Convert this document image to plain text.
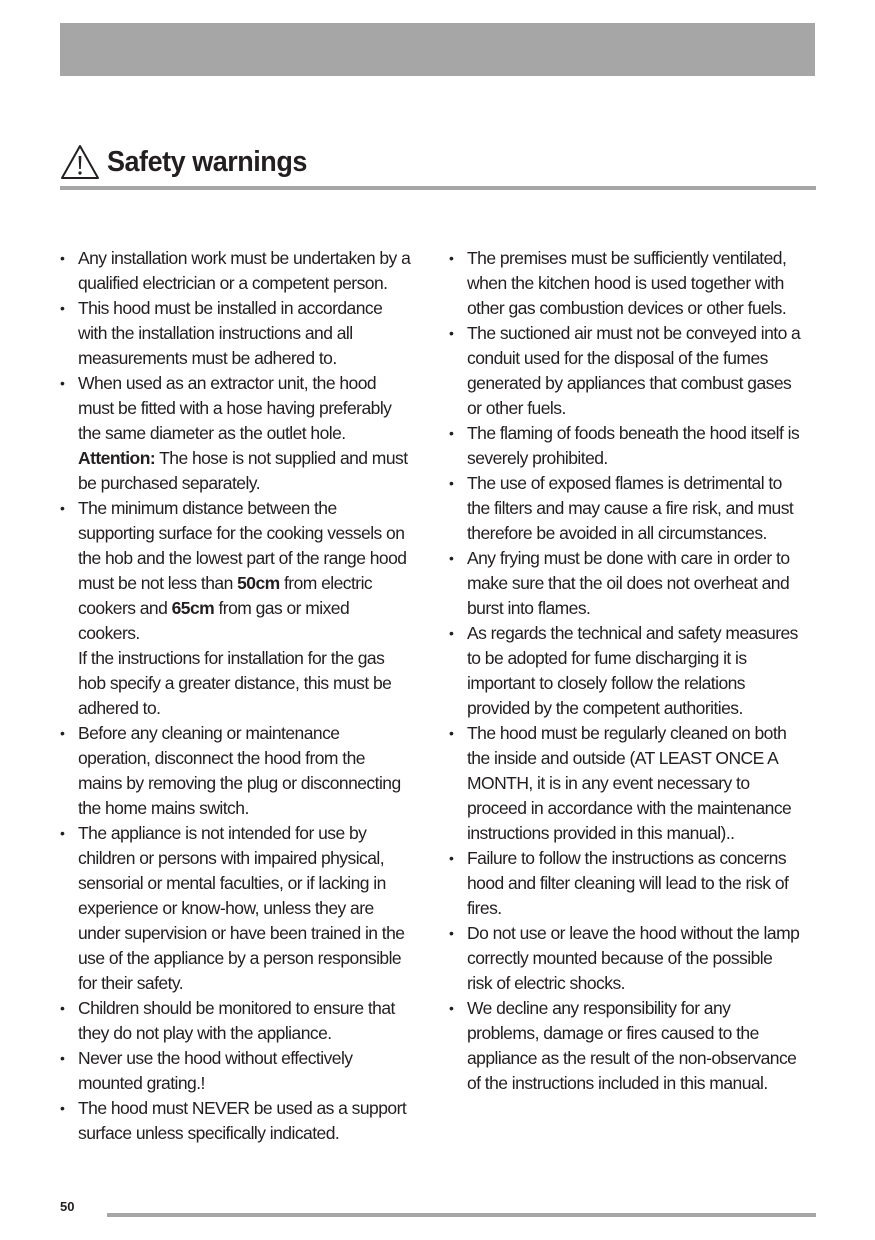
Safety warnings
• Any installation work must be undertaken by a
qualified electrician or a competent person.
• This hood must be installed in accordance
with the installation instructions and all
measurements must be adhered to.
• When used as an extractor unit, the hood
must be fitted with a hose having preferably
the same diameter as the outlet hole.
Attention: The hose is not supplied and must
be purchased separately.
• The minimum distance between the
supporting surface for the cooking vessels on
the hob and the lowest part of the range hood
must be not less than 50cm from electric
cookers and 65cm from gas or mixed
cookers.
If the instructions for installation for the gas
hob specify a greater distance, this must be
adhered to.
• Before any cleaning or maintenance
operation, disconnect the hood from the
mains by removing the plug or disconnecting
the home mains switch.
• The appliance is not intended for use by
children or persons with impaired physical,
sensorial or mental faculties, or if lacking in
experience or know-how, unless they are
under supervision or have been trained in the
use of the appliance by a person responsible
for their safety.
• Children should be monitored to ensure that
they do not play with the appliance.
• Never use the hood without effectively
mounted grating.!
• The hood must NEVER be used as a support
surface unless specifically indicated.
• The premises must be sufficiently ventilated,
when the kitchen hood is used together with
other gas combustion devices or other fuels.
• The suctioned air must not be conveyed into a
conduit used for the disposal of the fumes
generated by appliances that combust gases
or other fuels.
• The flaming of foods beneath the hood itself is
severely prohibited.
• The use of exposed flames is detrimental to
the filters and may cause a fire risk, and must
therefore be avoided in all circumstances.
• Any frying must be done with care in order to
make sure that the oil does not overheat and
burst into flames.
• As regards the technical and safety measures
to be adopted for fume discharging it is
important to closely follow the relations
provided by the competent authorities.
• The hood must be regularly cleaned on both
the inside and outside (AT LEAST ONCE A
MONTH, it is in any event necessary to
proceed in accordance with the maintenance
instructions provided in this manual)..
• Failure to follow the instructions as concerns
hood and filter cleaning will lead to the risk of
fires.
• Do not use or leave the hood without the lamp
correctly mounted because of the possible
risk of electric shocks.
• We decline any responsibility for any
problems, damage or fires caused to the
appliance as the result of the non-observance
of the instructions included in this manual.
50
